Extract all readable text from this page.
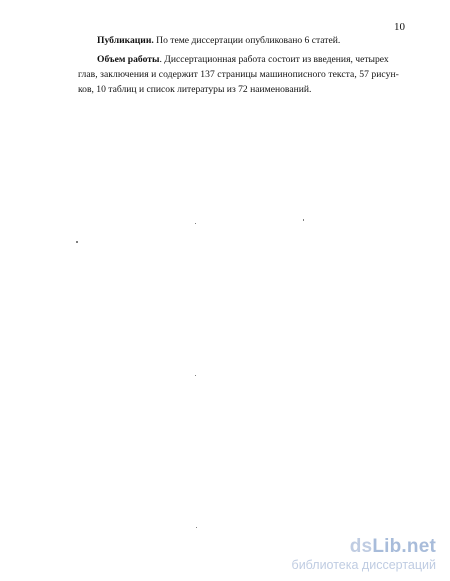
10

Публикации. По теме диссертации опубликовано 6 статей.

Объем работы. Диссертационная работа состоит из введения, четырех

глав, заключения и содержит 137 страницы машинописного текста, 57 рисун-
ков, 10 таблиц и список литературы из 72 наименований.
dsLib.net
библиотека диссертаций
